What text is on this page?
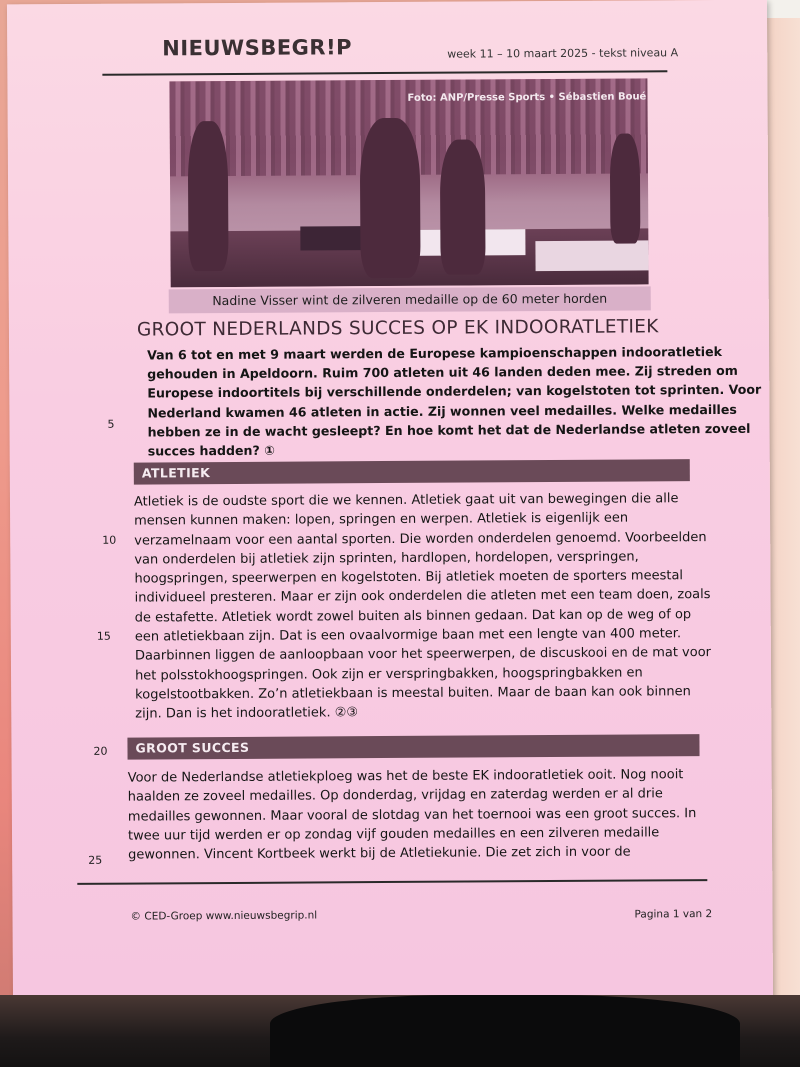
NIEUWSBEGR!P	week 11 – 10 maart 2025 - tekst niveau A
Foto: ANP/Presse Sports • Sébastien Boué
Nadine Visser wint de zilveren medaille op de 60 meter horden
GROOT NEDERLANDS SUCCES OP EK INDOORATLETIEK

Van 6 tot en met 9 maart werden de Europese kampioenschappen indooratletiek

gehouden in Apeldoorn. Ruim 700 atleten uit 46 landen deden mee. Zij streden om

Europese indoortitels bij verschillende onderdelen; van kogelstoten tot sprinten. Voor

Nederland kwamen 46 atleten in actie. Zij wonnen veel medailles. Welke medailles

hebben ze in de wacht gesleept? En hoe komt het dat de Nederlandse atleten zoveel

succes hadden? ①

5
10
15
20
25
ATLETIEK

Atletiek is de oudste sport die we kennen. Atletiek gaat uit van bewegingen die alle

mensen kunnen maken: lopen, springen en werpen. Atletiek is eigenlijk een

verzamelnaam voor een aantal sporten. Die worden onderdelen genoemd. Voorbeelden

van onderdelen bij atletiek zijn sprinten, hardlopen, hordelopen, verspringen,

hoogspringen, speerwerpen en kogelstoten. Bij atletiek moeten de sporters meestal

individueel presteren. Maar er zijn ook onderdelen die atleten met een team doen, zoals

de estafette. Atletiek wordt zowel buiten als binnen gedaan. Dat kan op de weg of op

een atletiekbaan zijn. Dat is een ovaalvormige baan met een lengte van 400 meter.

Daarbinnen liggen de aanloopbaan voor het speerwerpen, de discuskooi en de mat voor

het polsstokhoogspringen. Ook zijn er verspringbakken, hoogspringbakken en

kogelstootbakken. Zo’n atletiekbaan is meestal buiten. Maar de baan kan ook binnen

zijn. Dan is het indooratletiek. ②③

GROOT SUCCES

Voor de Nederlandse atletiekploeg was het de beste EK indooratletiek ooit. Nog nooit

haalden ze zoveel medailles. Op donderdag, vrijdag en zaterdag werden er al drie

medailles gewonnen. Maar vooral de slotdag van het toernooi was een groot succes. In

twee uur tijd werden er op zondag vijf gouden medailles en een zilveren medaille

gewonnen. Vincent Kortbeek werkt bij de Atletiekunie. Die zet zich in voor de

© CED-Groep www.nieuwsbegrip.nl	Pagina 1 van 2
